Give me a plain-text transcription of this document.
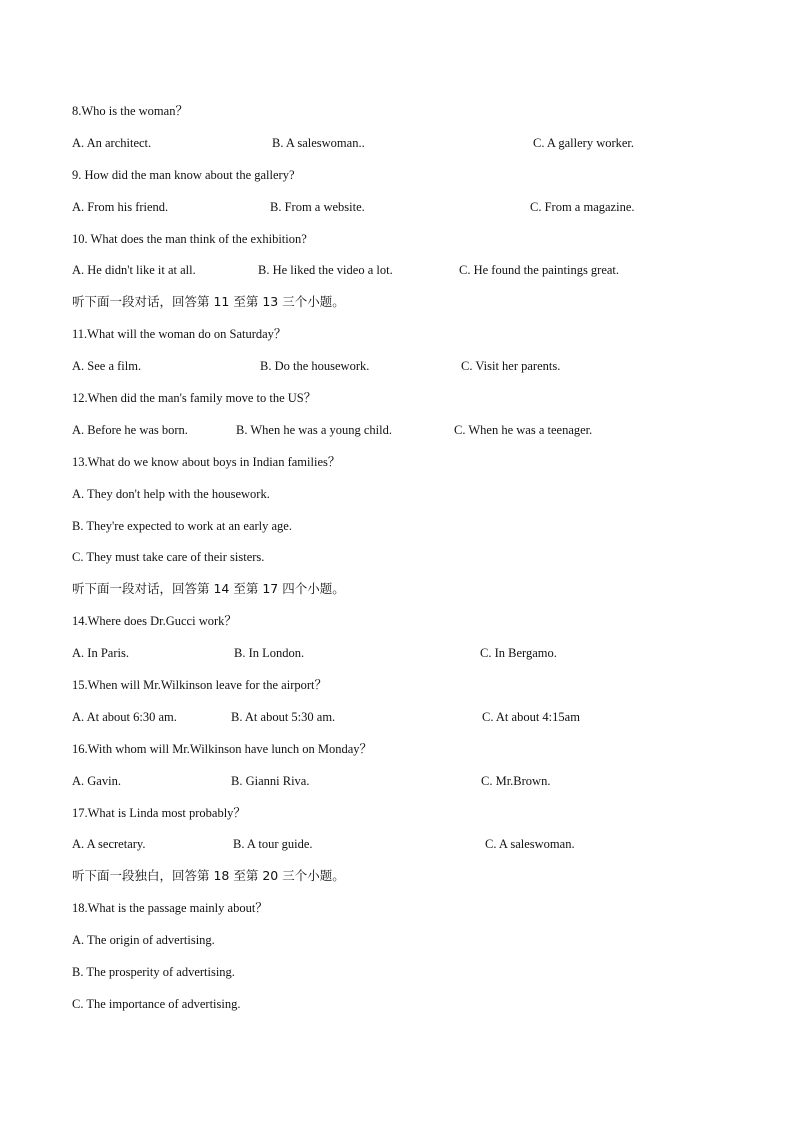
8.Who is the woman？
A. An architect.	B. A saleswoman..	C. A gallery worker.
9. How did the man know about the gallery?
A. From his friend.	B. From a website.	C. From a magazine.
10. What does the man think of the exhibition?
A. He didn't like it at all.	B. He liked the video a lot.	C. He found the paintings great.
听下面一段对话，回答第 11 至第 13 三个小题。
11.What will the woman do on Saturday？
A. See a film.	B. Do the housework.	C. Visit her parents.
12.When did the man's family move to the US？
A. Before he was born.	B. When he was a young child.	C. When he was a teenager.
13.What do we know about boys in Indian families？
A. They don't help with the housework.
B. They're expected to work at an early age.
C. They must take care of their sisters.
听下面一段对话，回答第 14 至第 17 四个小题。
14.Where does Dr.Gucci work？
A. In Paris.	B. In London.	C. In Bergamo.
15.When will Mr.Wilkinson leave for the airport？
A. At about 6:30 am.	B. At about 5:30 am.	C. At about 4:15am
16.With whom will Mr.Wilkinson have lunch on Monday？
A. Gavin.	B. Gianni Riva.	C. Mr.Brown.
17.What is Linda most probably？
A. A secretary.	B. A tour guide.	C. A saleswoman.
听下面一段独白，回答第 18 至第 20 三个小题。
18.What is the passage mainly about？
A. The origin of advertising.
B. The prosperity of advertising.
C. The importance of advertising.
